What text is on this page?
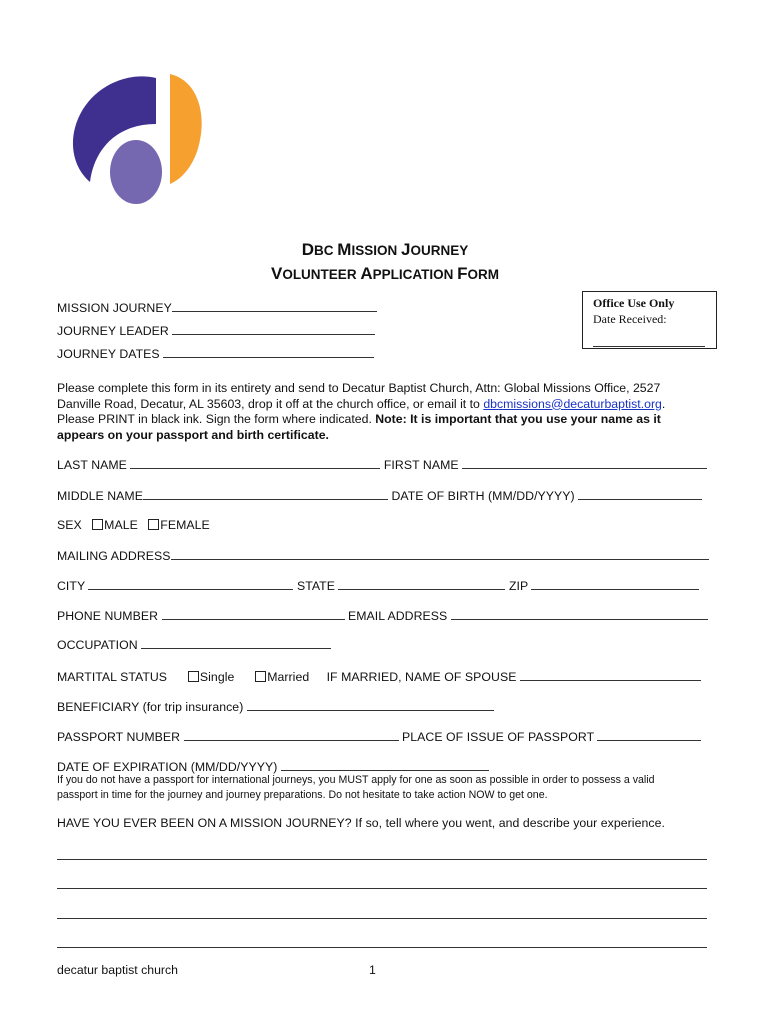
DBC MISSION JOURNEY
VOLUNTEER APPLICATION FORM
MISSION JOURNEY
JOURNEY LEADER
JOURNEY DATES
Office Use Only
Date Received:
Please complete this form in its entirety and send to Decatur Baptist Church, Attn: Global Missions Office, 2527
Danville Road, Decatur, AL 35603, drop it off at the church office, or email it to dbcmissions@decaturbaptist.org.
Please PRINT in black ink. Sign the form where indicated. Note: It is important that you use your name as it
appears on your passport and birth certificate.
LAST NAME	FIRST NAME
MIDDLE NAME	DATE OF BIRTH (MM/DD/YYYY)
SEX MALE FEMALE
MAILING ADDRESS
CITY	STATE	ZIP
PHONE NUMBER	EMAIL ADDRESS
OCCUPATION
MARTITAL STATUS	Single	Married IF MARRIED, NAME OF SPOUSE
BENEFICIARY (for trip insurance)
PASSPORT NUMBER	PLACE OF ISSUE OF PASSPORT
DATE OF EXPIRATION (MM/DD/YYYY)
If you do not have a passport for international journeys, you MUST apply for one as soon as possible in order to possess a valid
passport in time for the journey and journey preparations. Do not hesitate to take action NOW to get one.
HAVE YOU EVER BEEN ON A MISSION JOURNEY? If so, tell where you went, and describe your experience.
decatur baptist church	1
